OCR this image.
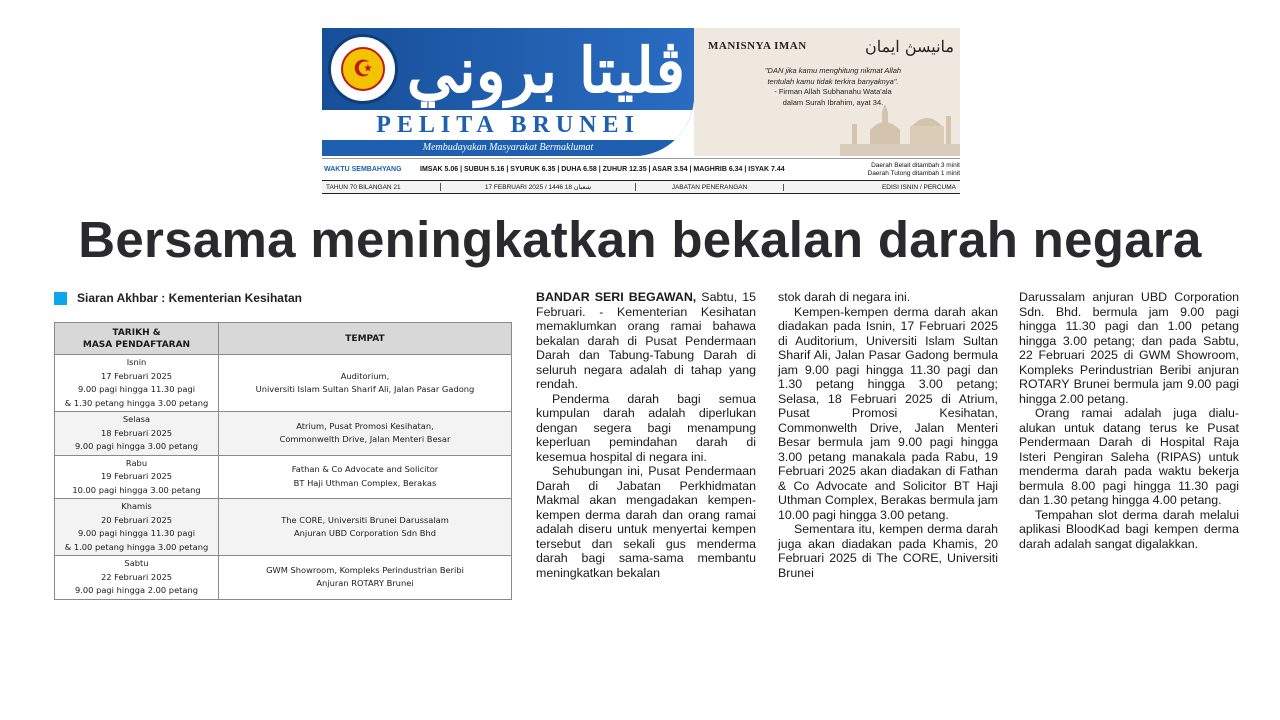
☪ ڤليتا بروني
PELITA BRUNEI
Membudayakan Masyarakat Bermaklumat
MANISNYA IMAN	مانيسڽ ايمان
"DAN jika kamu menghitung nikmat Allah
tentulah kamu tidak terkira banyaknya".
- Firman Allah Subhanahu Wata'ala
dalam Surah Ibrahim, ayat 34.
WAKTU SEMBAHYANG	IMSAK 5.06 | SUBUH 5.16 | SYURUK 6.35 | DUHA 6.58 | ZUHUR 12.35 | ASAR 3.54 | MAGHRIB 6.34 | ISYAK 7.44
Daerah Belait ditambah 3 minit
Daerah Tutong ditambah 1 minit
TAHUN 70 BILANGAN 21	17 FEBRUARI 2025 / 1446 شعبان 18	JABATAN PENERANGAN	EDISI ISNIN / PERCUMA
Bersama meningkatkan bekalan darah negara
Siaran Akhbar : Kementerian Kesihatan
TARIKH &
MASA PENDAFTARAN	TEMPAT
Isnin
17 Februari 2025
9.00 pagi hingga 11.30 pagi
& 1.30 petang hingga 3.00 petang	Auditorium,
Universiti Islam Sultan Sharif Ali, Jalan Pasar Gadong
Selasa
18 Februari 2025
9.00 pagi hingga 3.00 petang	Atrium, Pusat Promosi Kesihatan,
Commonwelth Drive, Jalan Menteri Besar
Rabu
19 Februari 2025
10.00 pagi hingga 3.00 petang	Fathan & Co Advocate and Solicitor
BT Haji Uthman Complex, Berakas
Khamis
20 Februari 2025
9.00 pagi hingga 11.30 pagi
& 1.00 petang hingga 3.00 petang	The CORE, Universiti Brunei Darussalam
Anjuran UBD Corporation Sdn Bhd
Sabtu
22 Februari 2025
9.00 pagi hingga 2.00 petang	GWM Showroom, Kompleks Perindustrian Beribi
Anjuran ROTARY Brunei

BANDAR SERI BEGAWAN, Sabtu, 15 Februari. - Kementerian Kesihatan memaklumkan orang ramai bahawa bekalan darah di Pusat Pendermaan Darah dan Tabung-Tabung Darah di seluruh negara adalah di tahap yang rendah.

Penderma darah bagi semua kumpulan darah adalah diperlukan dengan segera bagi menampung keperluan pemindahan darah di kesemua hospital di negara ini.

Sehubungan ini, Pusat Pendermaan Darah di Jabatan Perkhidmatan Makmal akan mengadakan kempen-kempen derma darah dan orang ramai adalah diseru untuk menyertai kempen tersebut dan sekali gus menderma darah bagi sama-sama membantu meningkatkan bekalan

stok darah di negara ini.

Kempen-kempen derma darah akan diadakan pada Isnin, 17 Februari 2025 di Auditorium, Universiti Islam Sultan Sharif Ali, Jalan Pasar Gadong bermula jam 9.00 pagi hingga 11.30 pagi dan 1.30 petang hingga 3.00 petang; Selasa, 18 Februari 2025 di Atrium, Pusat Promosi Kesihatan, Commonwelth Drive, Jalan Menteri Besar bermula jam 9.00 pagi hingga 3.00 petang manakala pada Rabu, 19 Februari 2025 akan diadakan di Fathan & Co Advocate and Solicitor BT Haji Uthman Complex, Berakas bermula jam 10.00 pagi hingga 3.00 petang.

Sementara itu, kempen derma darah juga akan diadakan pada Khamis, 20 Februari 2025 di The CORE, Universiti Brunei

Darussalam anjuran UBD Corporation Sdn. Bhd. bermula jam 9.00 pagi hingga 11.30 pagi dan 1.00 petang hingga 3.00 petang; dan pada Sabtu, 22 Februari 2025 di GWM Showroom, Kompleks Perindustrian Beribi anjuran ROTARY Brunei bermula jam 9.00 pagi hingga 2.00 petang.

Orang ramai adalah juga dialu-alukan untuk datang terus ke Pusat Pendermaan Darah di Hospital Raja Isteri Pengiran Saleha (RIPAS) untuk menderma darah pada waktu bekerja bermula 8.00 pagi hingga 11.30 pagi dan 1.30 petang hingga 4.00 petang.

Tempahan slot derma darah melalui aplikasi BloodKad bagi kempen derma darah adalah sangat digalakkan.
